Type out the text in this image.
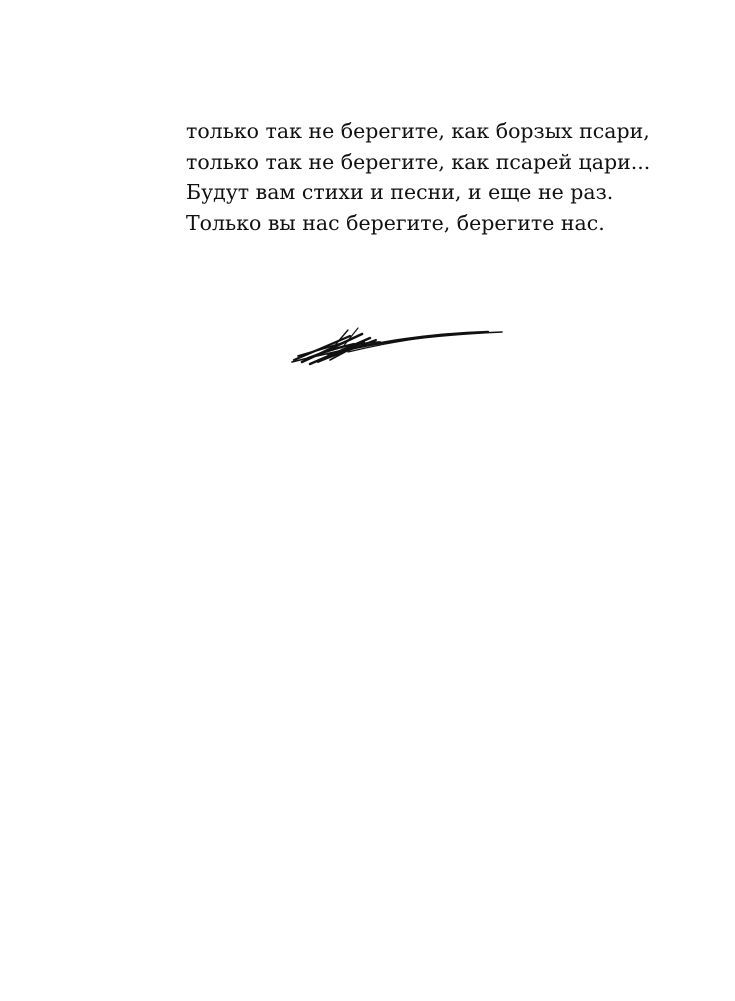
только так не берегите, как борзых псари,
только так не берегите, как псарей цари...
Будут вам стихи и песни, и еще не раз.
Только вы нас берегите, берегите нас.
